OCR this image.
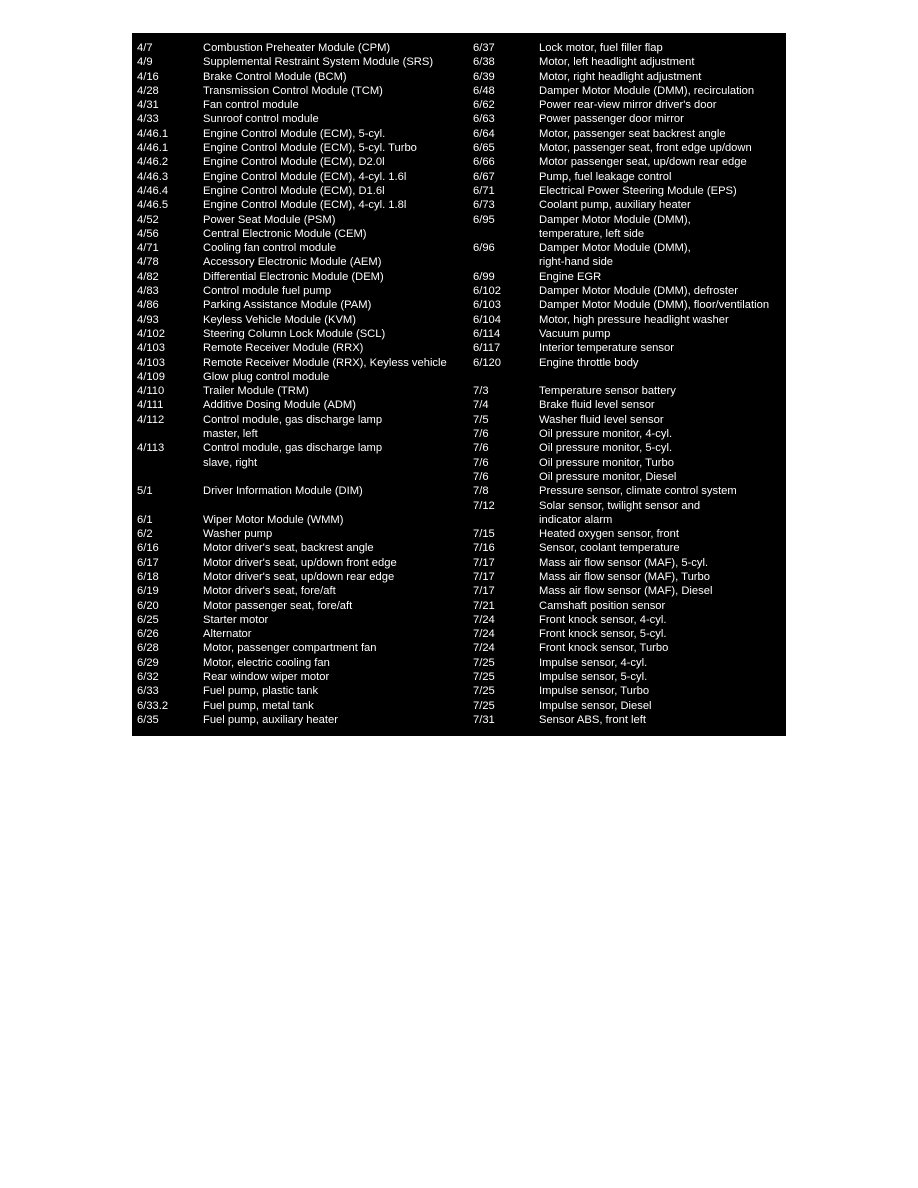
4/7	Combustion Preheater Module (CPM)
4/9	Supplemental Restraint System Module (SRS)
4/16	Brake Control Module (BCM)
4/28	Transmission Control Module (TCM)
4/31	Fan control module
4/33	Sunroof control module
4/46.1	Engine Control Module (ECM), 5-cyl.
4/46.1	Engine Control Module (ECM), 5-cyl. Turbo
4/46.2	Engine Control Module (ECM), D2.0l
4/46.3	Engine Control Module (ECM), 4-cyl. 1.6l
4/46.4	Engine Control Module (ECM), D1.6l
4/46.5	Engine Control Module (ECM), 4-cyl. 1.8l
4/52	Power Seat Module (PSM)
4/56	Central Electronic Module (CEM)
4/71	Cooling fan control module
4/78	Accessory Electronic Module (AEM)
4/82	Differential Electronic Module (DEM)
4/83	Control module fuel pump
4/86	Parking Assistance Module (PAM)
4/93	Keyless Vehicle Module (KVM)
4/102	Steering Column Lock Module (SCL)
4/103	Remote Receiver Module (RRX)
4/103	Remote Receiver Module (RRX), Keyless vehicle
4/109	Glow plug control module
4/110	Trailer Module (TRM)
4/111	Additive Dosing Module (ADM)
4/112	Control module, gas discharge lamp
master, left
4/113	Control module, gas discharge lamp
slave, right
5/1	Driver Information Module (DIM)
6/1	Wiper Motor Module (WMM)
6/2	Washer pump
6/16	Motor driver's seat, backrest angle
6/17	Motor driver's seat, up/down front edge
6/18	Motor driver's seat, up/down rear edge
6/19	Motor driver's seat, fore/aft
6/20	Motor passenger seat, fore/aft
6/25	Starter motor
6/26	Alternator
6/28	Motor, passenger compartment fan
6/29	Motor, electric cooling fan
6/32	Rear window wiper motor
6/33	Fuel pump, plastic tank
6/33.2	Fuel pump, metal tank
6/35	Fuel pump, auxiliary heater
6/37	Lock motor, fuel filler flap
6/38	Motor, left headlight adjustment
6/39	Motor, right headlight adjustment
6/48	Damper Motor Module (DMM), recirculation
6/62	Power rear-view mirror driver's door
6/63	Power passenger door mirror
6/64	Motor, passenger seat backrest angle
6/65	Motor, passenger seat, front edge up/down
6/66	Motor passenger seat, up/down rear edge
6/67	Pump, fuel leakage control
6/71	Electrical Power Steering Module (EPS)
6/73	Coolant pump, auxiliary heater
6/95	Damper Motor Module (DMM),
temperature, left side
6/96	Damper Motor Module (DMM),
right-hand side
6/99	Engine EGR
6/102	Damper Motor Module (DMM), defroster
6/103	Damper Motor Module (DMM), floor/ventilation
6/104	Motor, high pressure headlight washer
6/114	Vacuum pump
6/117	Interior temperature sensor
6/120	Engine throttle body
7/3	Temperature sensor battery
7/4	Brake fluid level sensor
7/5	Washer fluid level sensor
7/6	Oil pressure monitor, 4-cyl.
7/6	Oil pressure monitor, 5-cyl.
7/6	Oil pressure monitor, Turbo
7/6	Oil pressure monitor, Diesel
7/8	Pressure sensor, climate control system
7/12	Solar sensor, twilight sensor and
indicator alarm
7/15	Heated oxygen sensor, front
7/16	Sensor, coolant temperature
7/17	Mass air flow sensor (MAF), 5-cyl.
7/17	Mass air flow sensor (MAF), Turbo
7/17	Mass air flow sensor (MAF), Diesel
7/21	Camshaft position sensor
7/24	Front knock sensor, 4-cyl.
7/24	Front knock sensor, 5-cyl.
7/24	Front knock sensor, Turbo
7/25	Impulse sensor, 4-cyl.
7/25	Impulse sensor, 5-cyl.
7/25	Impulse sensor, Turbo
7/25	Impulse sensor, Diesel
7/31	Sensor ABS, front left
